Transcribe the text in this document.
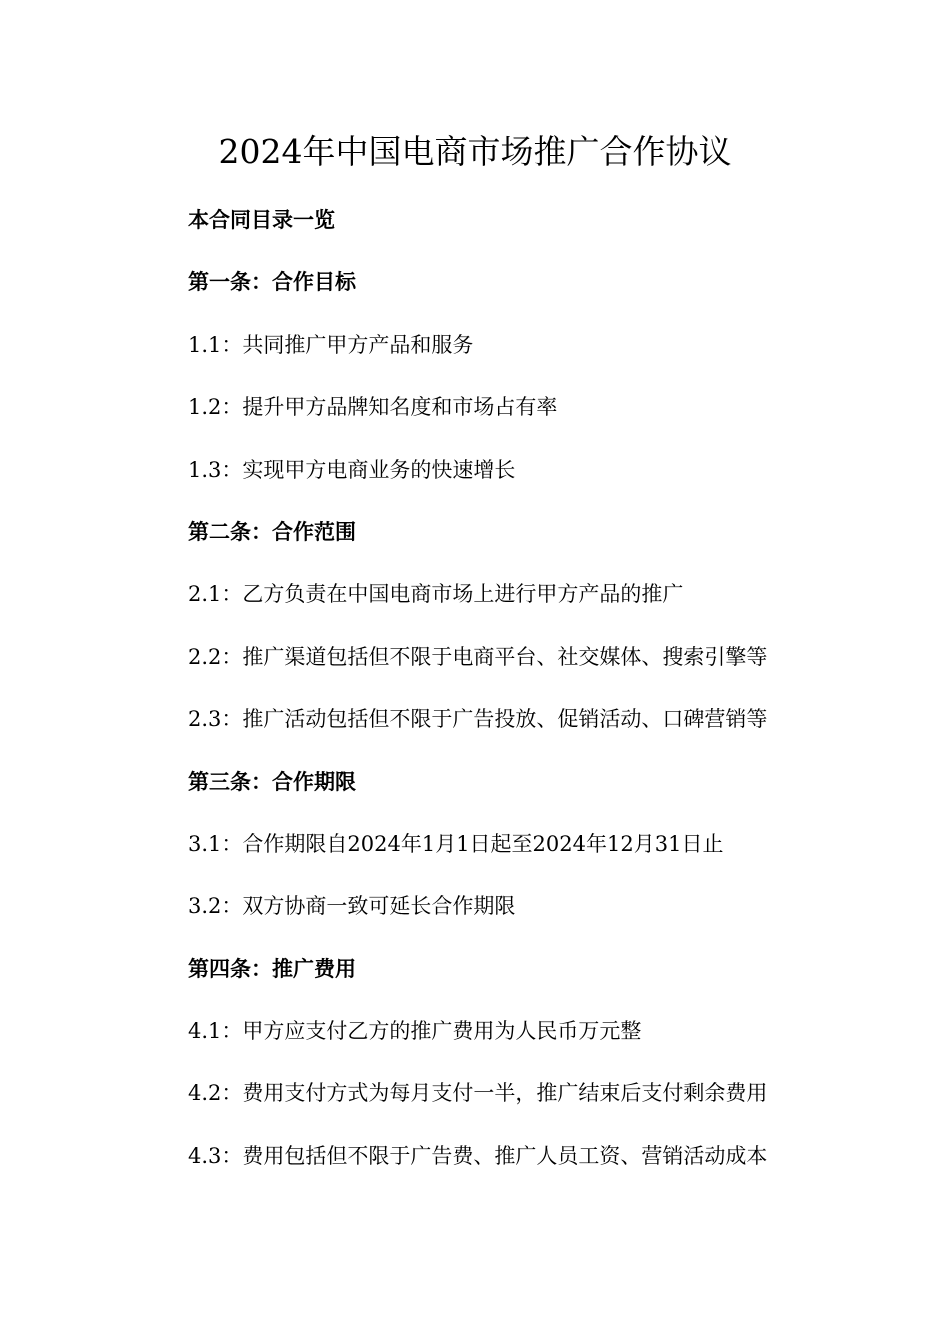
2024年中国电商市场推广合作协议
本合同目录一览
第一条：合作目标
1.1：共同推广甲方产品和服务
1.2：提升甲方品牌知名度和市场占有率
1.3：实现甲方电商业务的快速增长
第二条：合作范围
2.1：乙方负责在中国电商市场上进行甲方产品的推广
2.2：推广渠道包括但不限于电商平台、社交媒体、搜索引擎等
2.3：推广活动包括但不限于广告投放、促销活动、口碑营销等
第三条：合作期限
3.1：合作期限自2024年1月1日起至2024年12月31日止
3.2：双方协商一致可延长合作期限
第四条：推广费用
4.1：甲方应支付乙方的推广费用为人民币万元整
4.2：费用支付方式为每月支付一半，推广结束后支付剩余费用
4.3：费用包括但不限于广告费、推广人员工资、营销活动成本
